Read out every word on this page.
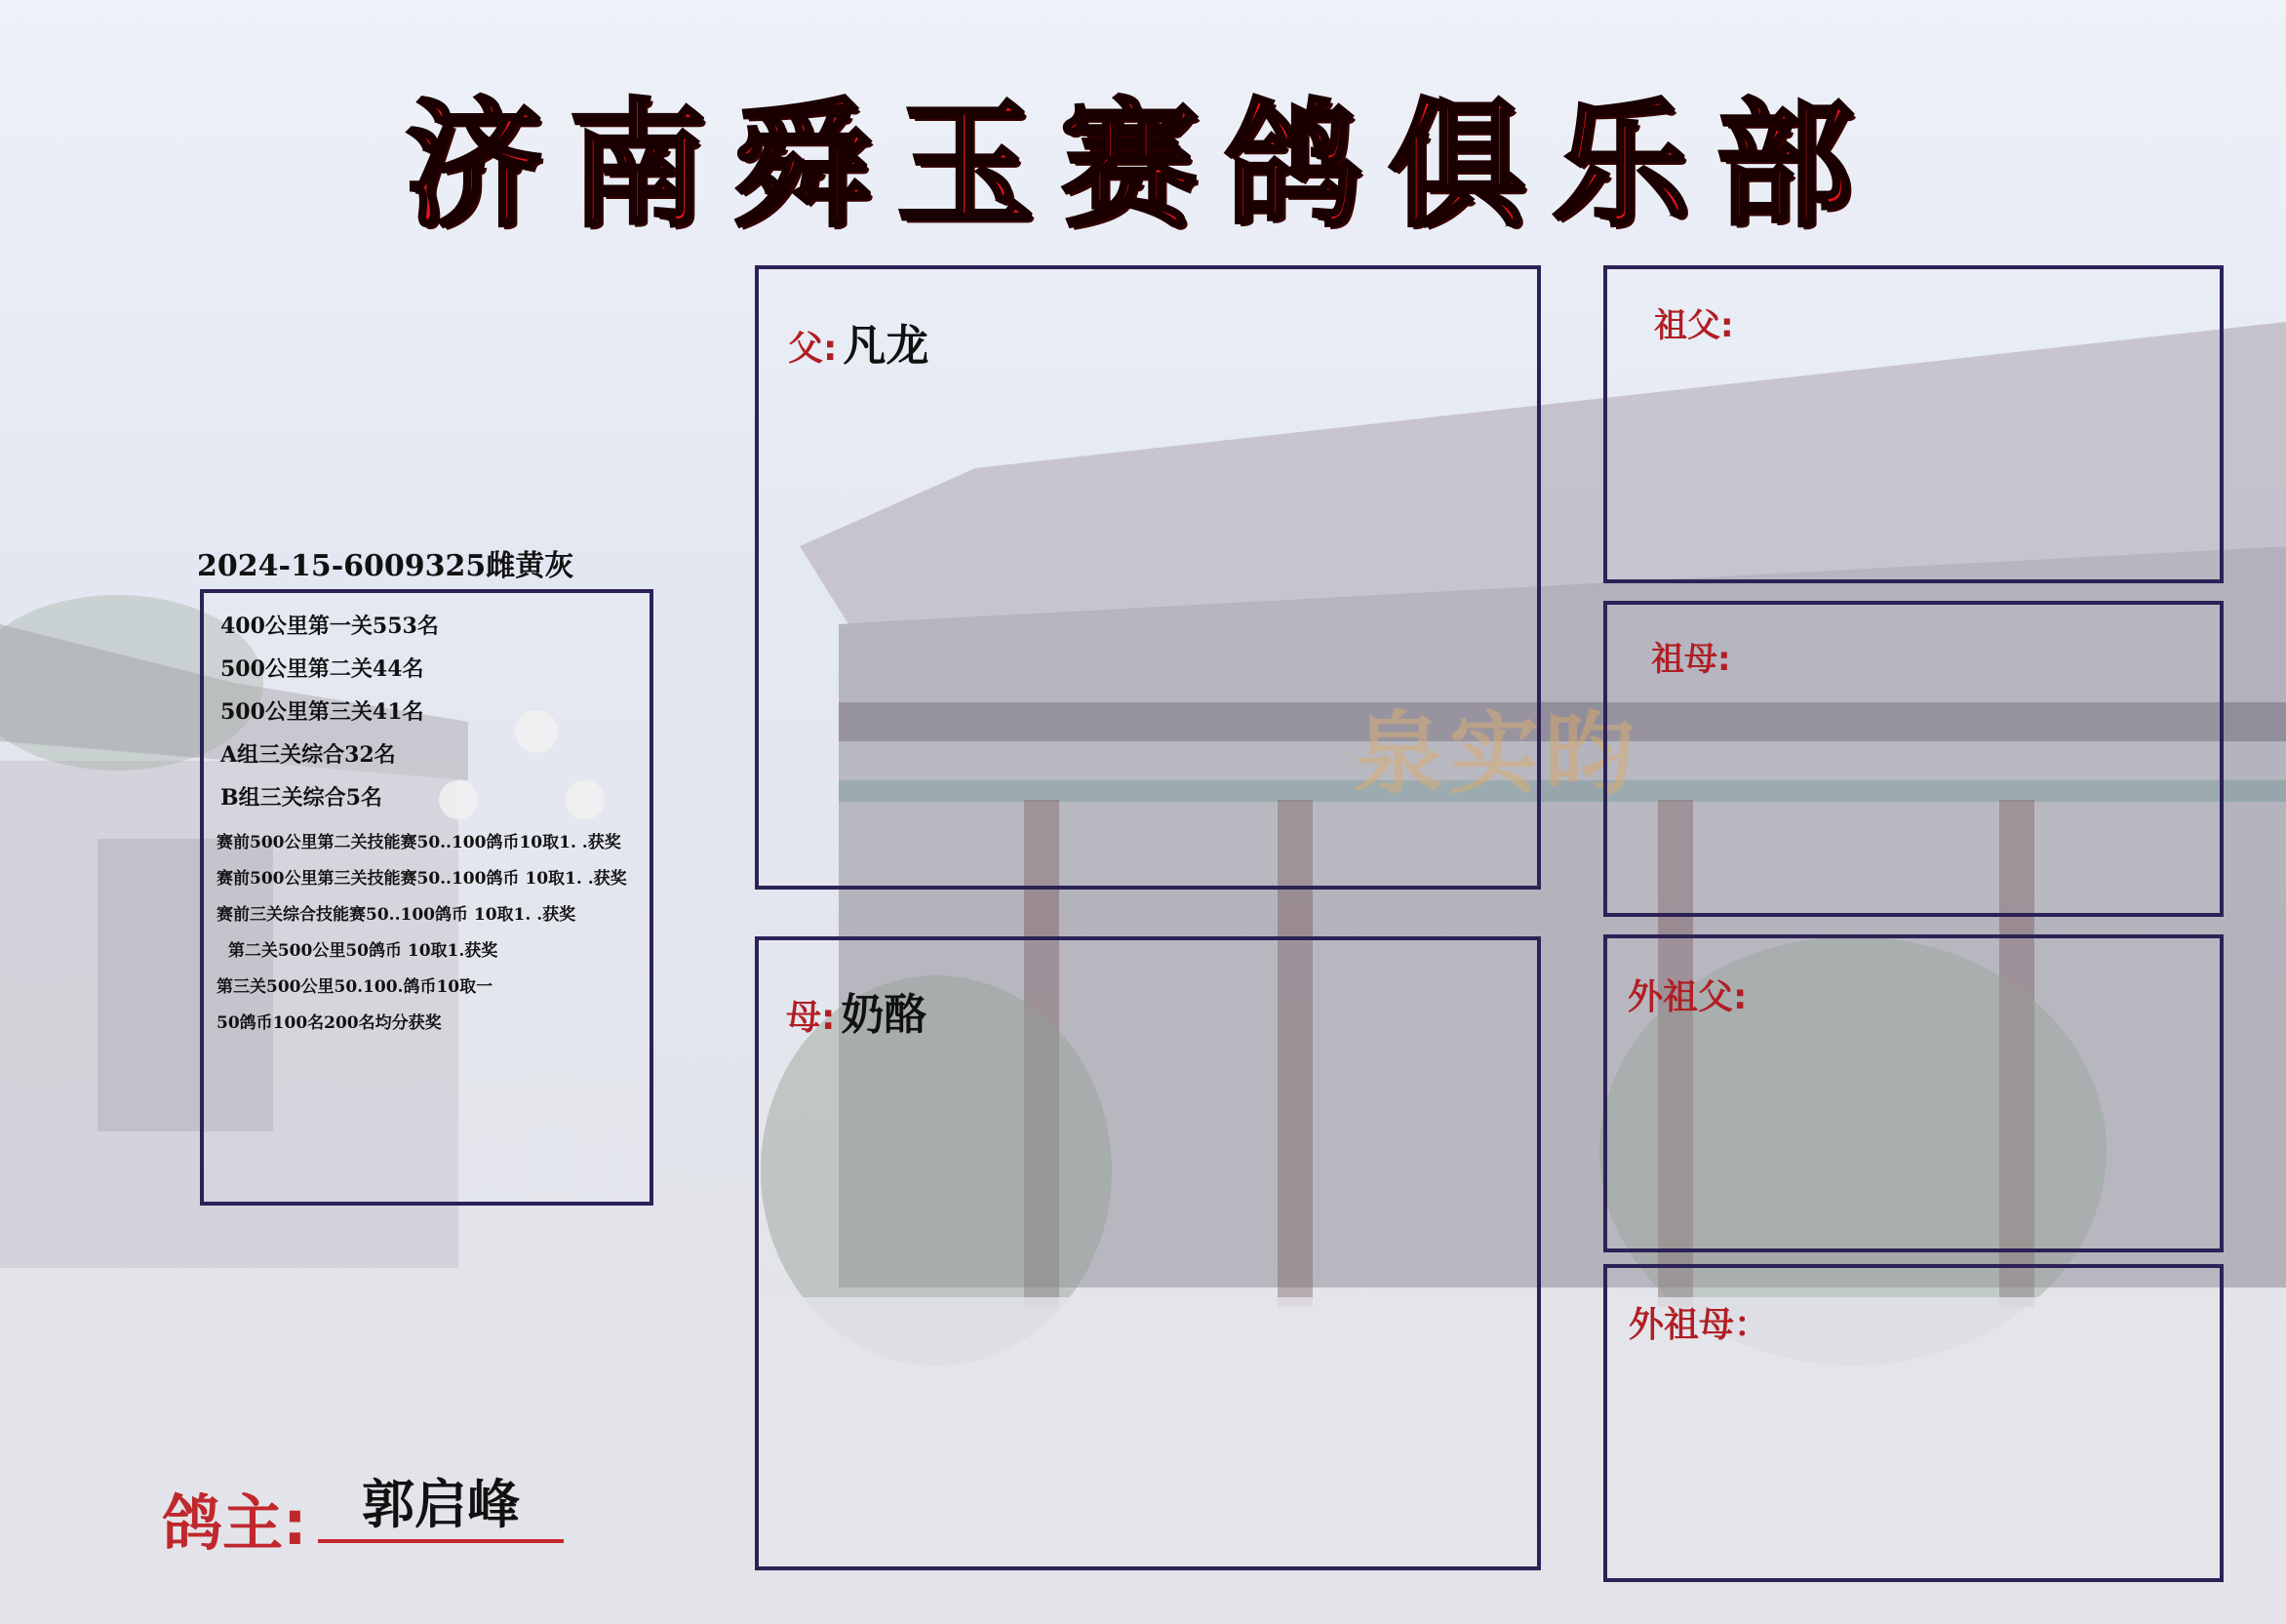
泉实昀
济南舜玉赛鸽俱乐部
2024-15-6009325雌黄灰
400公里第一关553名
500公里第二关44名
500公里第三关41名
A组三关综合32名
B组三关综合5名
赛前500公里第二关技能赛50..100鸽币10取1. .获奖
赛前500公里第三关技能赛50..100鸽币 10取1. .获奖
赛前三关综合技能赛50..100鸽币 10取1. .获奖
第二关500公里50鸽币 10取1.获奖
第三关500公里50.100.鸽币10取一
50鸽币100名200名均分获奖
父: 凡龙
母: 奶酪
祖父:
祖母:
外祖父:
外祖母：
鸽主:	郭启峰
